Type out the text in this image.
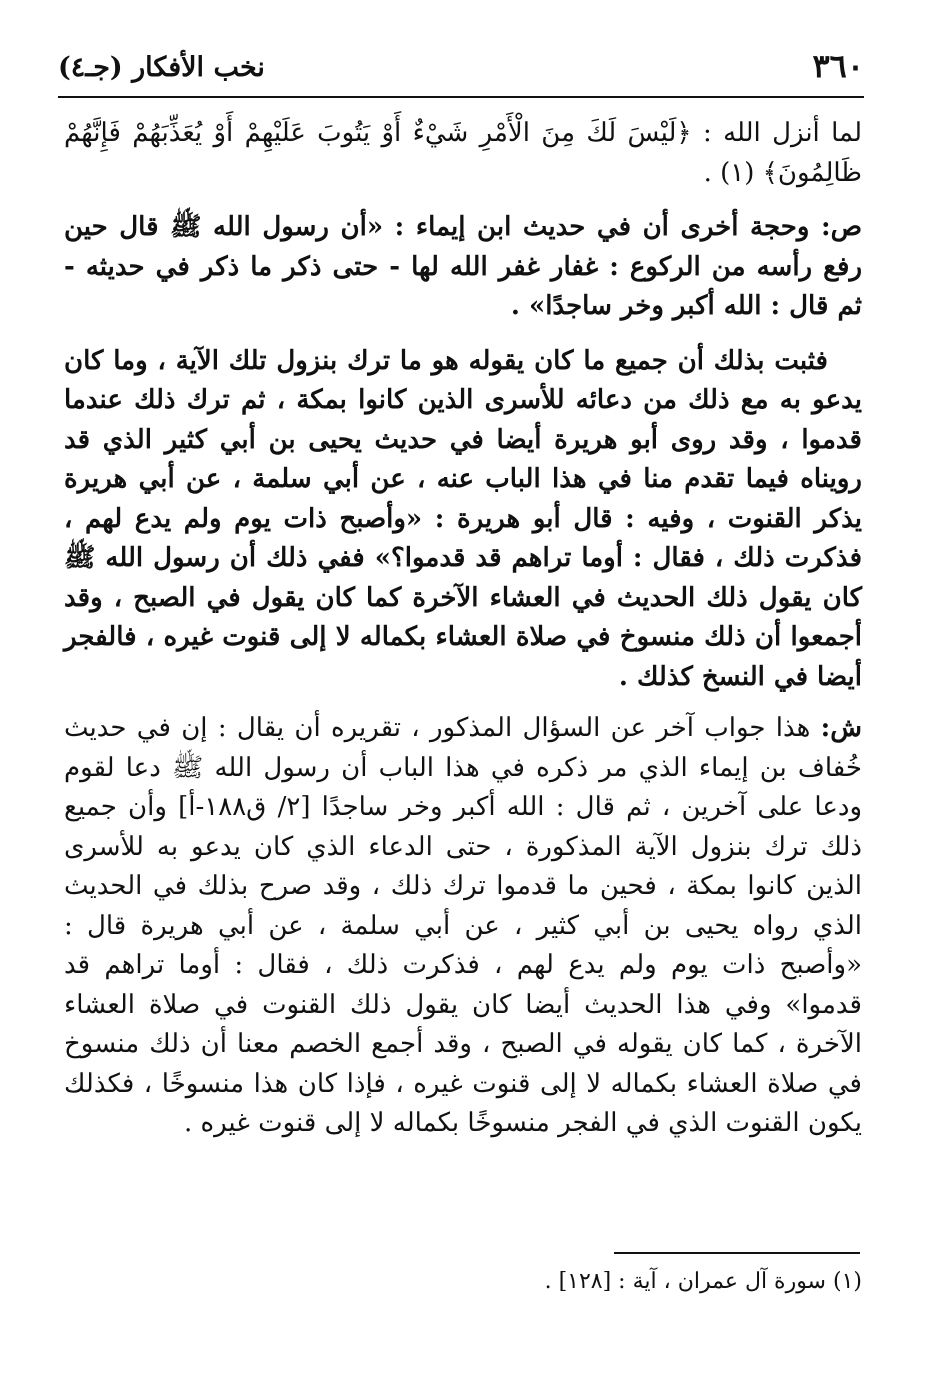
٣٦٠
نخب الأفكار (جـ٤)

لما أنزل الله : ﴿لَيْسَ لَكَ مِنَ الْأَمْرِ شَيْءٌ أَوْ يَتُوبَ عَلَيْهِمْ أَوْ يُعَذِّبَهُمْ فَإِنَّهُمْ ظَالِمُونَ﴾ (١) .

ص: وحجة أخرى أن في حديث ابن إيماء : «أن رسول الله ﷺ قال حين رفع رأسه من الركوع : غفار غفر الله لها - حتى ذكر ما ذكر في حديثه - ثم قال : الله أكبر وخر ساجدًا» .

فثبت بذلك أن جميع ما كان يقوله هو ما ترك بنزول تلك الآية ، وما كان يدعو به مع ذلك من دعائه للأسرى الذين كانوا بمكة ، ثم ترك ذلك عندما قدموا ، وقد روى أبو هريرة أيضا في حديث يحيى بن أبي كثير الذي قد رويناه فيما تقدم منا في هذا الباب عنه ، عن أبي سلمة ، عن أبي هريرة يذكر القنوت ، وفيه : قال أبو هريرة : «وأصبح ذات يوم ولم يدع لهم ، فذكرت ذلك ، فقال : أوما تراهم قد قدموا؟» ففي ذلك أن رسول الله ﷺ كان يقول ذلك الحديث في العشاء الآخرة كما كان يقول في الصبح ، وقد أجمعوا أن ذلك منسوخ في صلاة العشاء بكماله لا إلى قنوت غيره ، فالفجر أيضا في النسخ كذلك .

ش: هذا جواب آخر عن السؤال المذكور ، تقريره أن يقال : إن في حديث خُفاف بن إيماء الذي مر ذكره في هذا الباب أن رسول الله ﷺ دعا لقوم ودعا على آخرين ، ثم قال : الله أكبر وخر ساجدًا [٢/ ق١٨٨-أ] وأن جميع ذلك ترك بنزول الآية المذكورة ، حتى الدعاء الذي كان يدعو به للأسرى الذين كانوا بمكة ، فحين ما قدموا ترك ذلك ، وقد صرح بذلك في الحديث الذي رواه يحيى بن أبي كثير ، عن أبي سلمة ، عن أبي هريرة قال : «وأصبح ذات يوم ولم يدع لهم ، فذكرت ذلك ، فقال : أوما تراهم قد قدموا» وفي هذا الحديث أيضا كان يقول ذلك القنوت في صلاة العشاء الآخرة ، كما كان يقوله في الصبح ، وقد أجمع الخصم معنا أن ذلك منسوخ في صلاة العشاء بكماله لا إلى قنوت غيره ، فإذا كان هذا منسوخًا ، فكذلك يكون القنوت الذي في الفجر منسوخًا بكماله لا إلى قنوت غيره .

(١) سورة آل عمران ، آية : [١٢٨] .
